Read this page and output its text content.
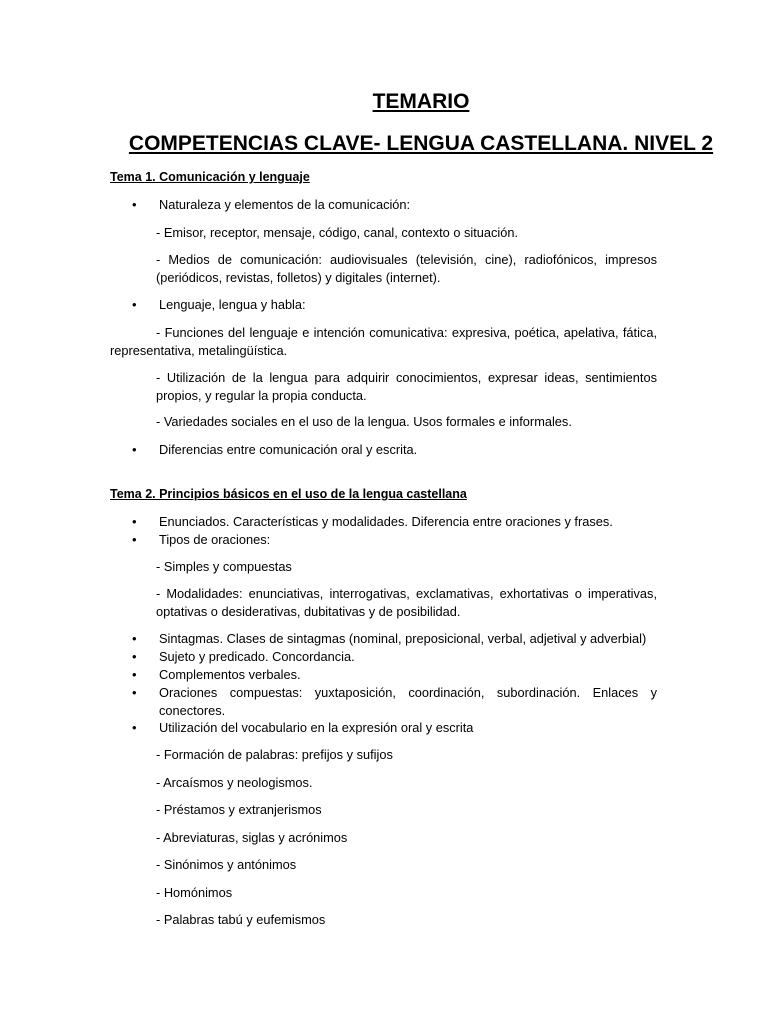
TEMARIO
COMPETENCIAS CLAVE- LENGUA CASTELLANA. NIVEL 2
Tema 1. Comunicación y lenguaje
• Naturaleza y elementos de la comunicación:
- Emisor, receptor, mensaje, código, canal, contexto o situación.
- Medios de comunicación: audiovisuales (televisión, cine), radiofónicos, impresos (periódicos, revistas, folletos) y digitales (internet).
• Lenguaje, lengua y habla:
- Funciones del lenguaje e intención comunicativa: expresiva, poética, apelativa, fática, representativa, metalingüística.
- Utilización de la lengua para adquirir conocimientos, expresar ideas, sentimientos propios, y regular la propia conducta.
- Variedades sociales en el uso de la lengua. Usos formales e informales.
• Diferencias entre comunicación oral y escrita.
Tema 2. Principios básicos en el uso de la lengua castellana
• Enunciados. Características y modalidades. Diferencia entre oraciones y frases.
• Tipos de oraciones:
- Simples y compuestas
- Modalidades: enunciativas, interrogativas, exclamativas, exhortativas o imperativas, optativas o desiderativas, dubitativas y de posibilidad.
• Sintagmas. Clases de sintagmas (nominal, preposicional, verbal, adjetival y adverbial)
• Sujeto y predicado. Concordancia.
• Complementos verbales.
• Oraciones compuestas: yuxtaposición, coordinación, subordinación. Enlaces y conectores.
• Utilización del vocabulario en la expresión oral y escrita
- Formación de palabras: prefijos y sufijos
- Arcaísmos y neologismos.
- Préstamos y extranjerismos
- Abreviaturas, siglas y acrónimos
- Sinónimos y antónimos
- Homónimos
- Palabras tabú y eufemismos
